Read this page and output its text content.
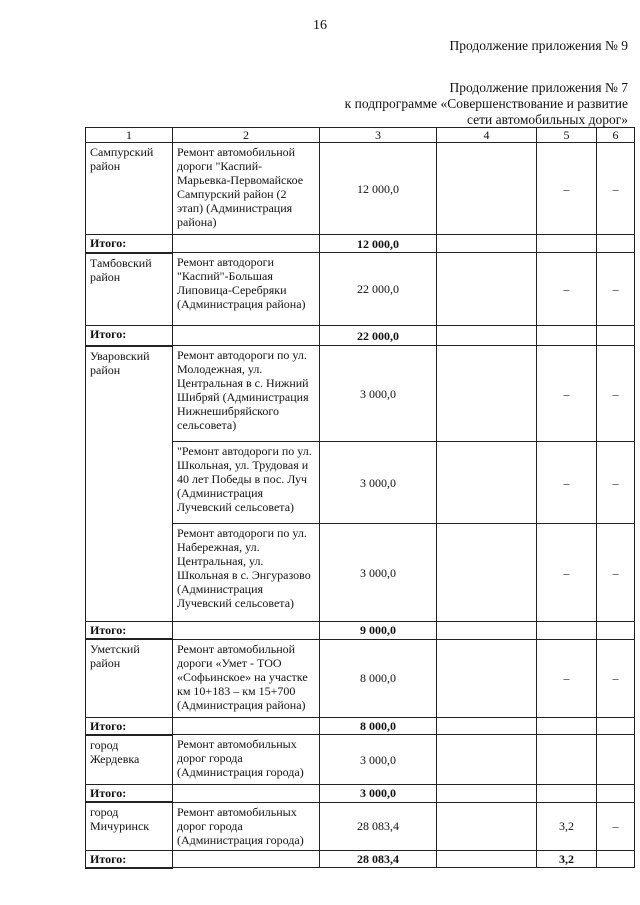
16
Продолжение приложения № 9
Продолжение приложения № 7
к подпрограмме «Совершенствование и развитие
сети автомобильных дорог»
1	2	3	4	5	6
Сампурский район	Ремонт автомобильной дороги "Каспий-Марьевка-Первомайское Сампурский район (2 этап) (Администрация района)	12 000,0		–	–
Итого:		12 000,0			
Тамбовский район	Ремонт автодороги "Каспий"-Большая Липовица-Серебряки (Администрация района)	22 000,0		–	–
Итого:		22 000,0			
Уваровский район	Ремонт автодороги по ул. Молодежная, ул. Центральная в с. Нижний Шибряй (Администрация Нижнешибряйского сельсовета)	3 000,0		–	–
	"Ремонт автодороги по ул. Школьная, ул. Трудовая и 40 лет Победы в пос. Луч (Администрация Лучевский сельсовета)	3 000,0		–	–
	Ремонт автодороги по ул. Набережная, ул. Центральная, ул. Школьная в с. Энгуразово (Администрация Лучевский сельсовета)	3 000,0		–	–
Итого:		9 000,0			
Уметский район	Ремонт автомобильной дороги «Умет - ТОО «Софьинское» на участке км 10+183 – км 15+700 (Администрация района)	8 000,0		–	–
Итого:		8 000,0			
город Жердевка	Ремонт автомобильных дорог города (Администрация города)	3 000,0			
Итого:		3 000,0			
город Мичуринск	Ремонт автомобильных дорог города (Администрация города)	28 083,4		3,2	–
Итого:		28 083,4		3,2	
